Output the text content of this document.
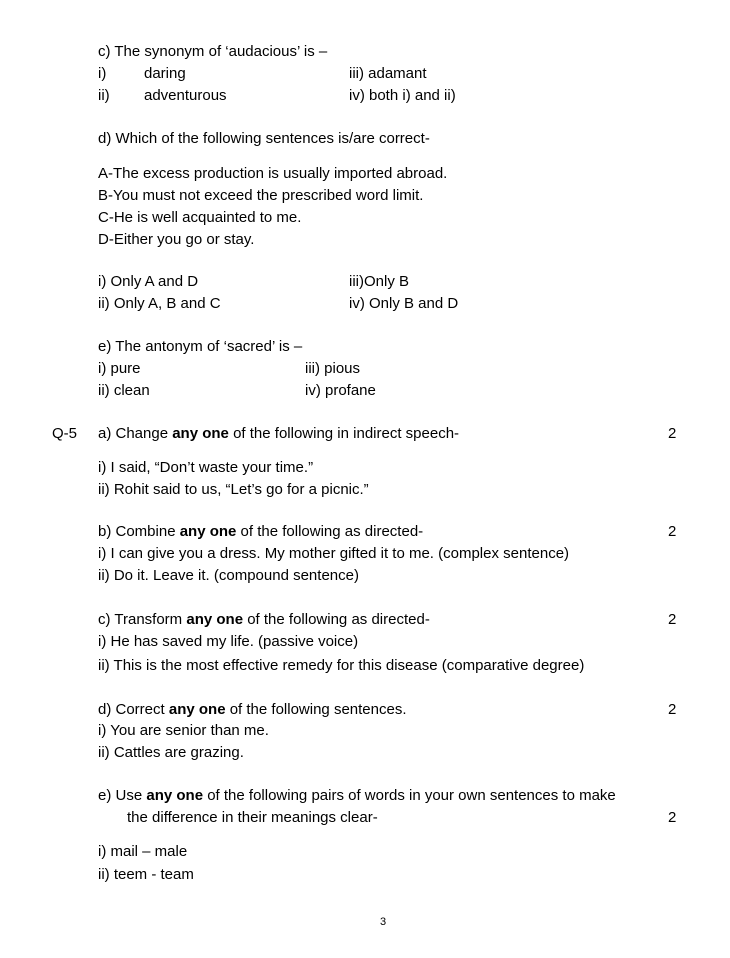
c) The synonym of ‘audacious’ is –
i)	daring	iii) adamant
ii) adventurous	iv) both i) and ii)
d) Which of the following sentences is/are correct-
A-The excess production is usually imported abroad.
B-You must not exceed the prescribed word limit.
C-He is well acquainted to me.
D-Either you go or stay.
i) Only A and D	iii)Only B
ii) Only A, B and C	iv) Only B and D
e) The antonym of ‘sacred’ is –
i) pure	iii) pious
ii) clean	iv) profane
Q-5 a) Change any one of the following in indirect speech-	2
i) I said, “Don’t waste your time.”
ii) Rohit said to us, “Let’s go for a picnic.”
b) Combine any one of the following as directed-	2
i) I can give you a dress. My mother gifted it to me. (complex sentence)
ii) Do it. Leave it. (compound sentence)
c) Transform any one of the following as directed-	2
i) He has saved my life. (passive voice)
ii) This is the most effective remedy for this disease (comparative degree)
d) Correct any one of the following sentences.	2
i) You are senior than me.
ii) Cattles are grazing.
e) Use any one of the following pairs of words in your own sentences to make
the difference in their meanings clear-	2
i) mail – male
ii) teem - team
3
